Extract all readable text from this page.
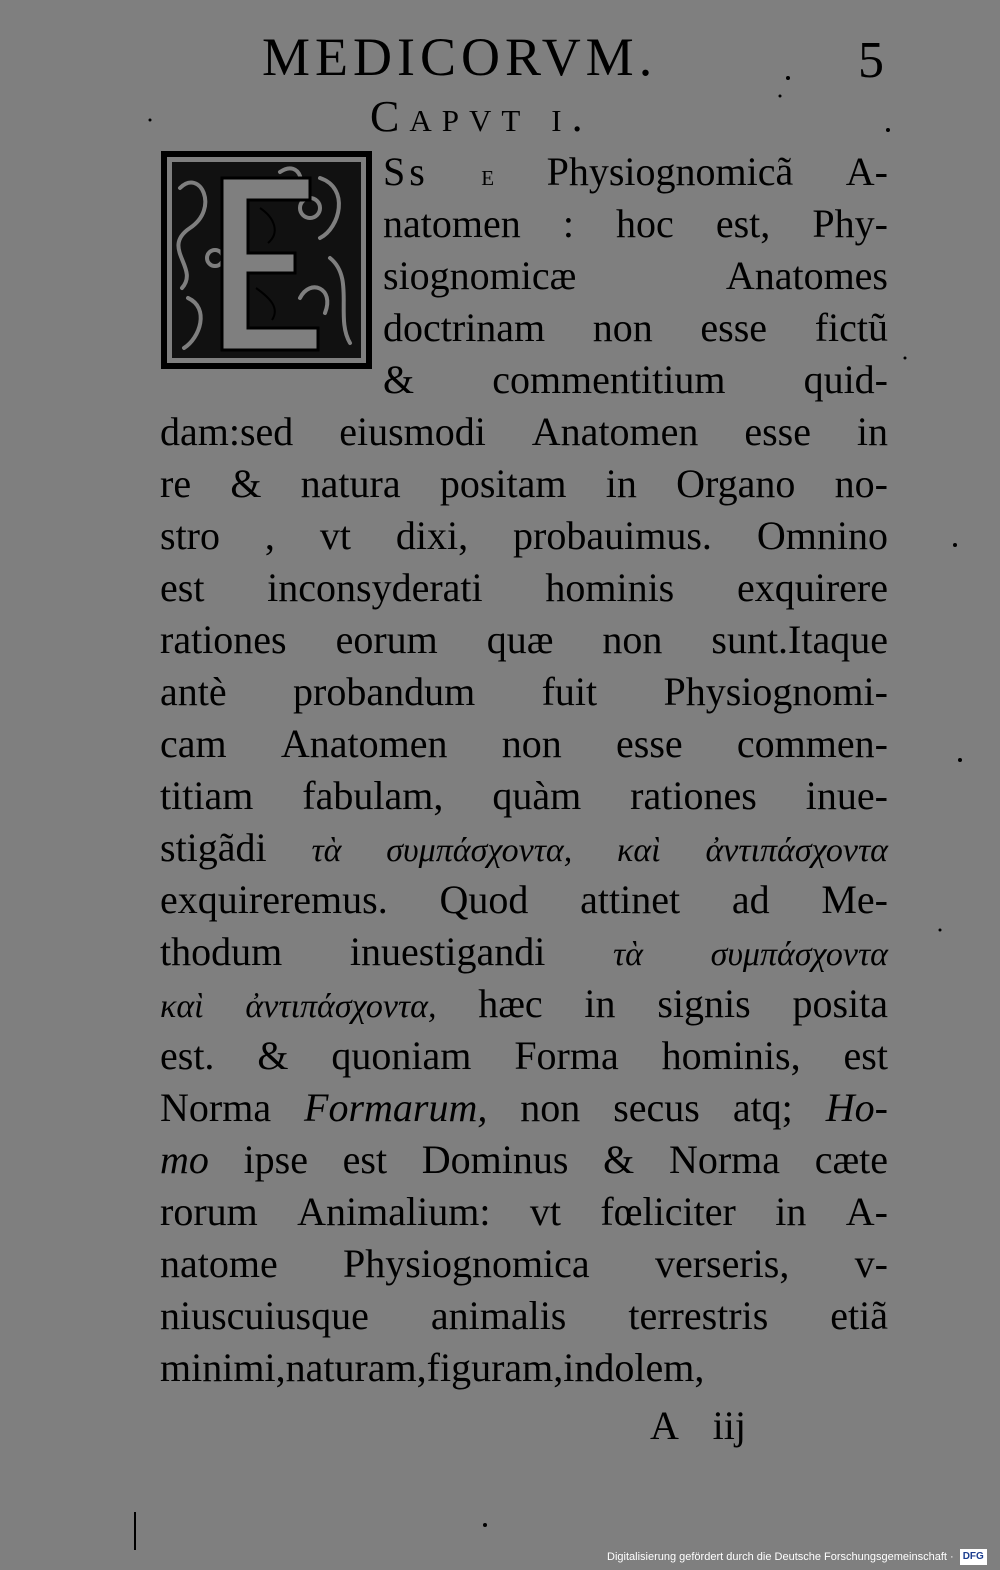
MEDICORVM.	5
Capvt i.
Ss e Physiognomicã A-
natomen : hoc est, Phy-
siognomicæ	Anatomes
doctrinam non esse fictũ
& commentitium quid-
dam:sed eiusmodi Anatomen esse in
re & natura positam in Organo no-
stro , vt dixi, probauimus. Omnino
est inconsyderati hominis exquirere
rationes eorum quæ non sunt.Itaque
antè probandum fuit Physiognomi-
cam Anatomen non esse commen-
titiam fabulam, quàm rationes inue-
stigãdi τὰ συμπάσχοντα, καὶ ἀντιπάσχοντα
exquireremus. Quod attinet ad Me-
thodum inuestigandi τὰ συμπάσχοντα
καὶ ἀντιπάσχοντα, hæc in signis posita
est. & quoniam Forma hominis, est
Norma Formarum, non secus atq; Ho-
mo ipse est Dominus & Norma cæte
rorum Animalium: vt fœliciter in A-
natome Physiognomica verseris, v-
niuscuiusque animalis terrestris etiã
minimi, naturam, figuram, indolem,
A iij
Digitalisierung gefördert durch die Deutsche Forschungsgemeinschaft · DFG
